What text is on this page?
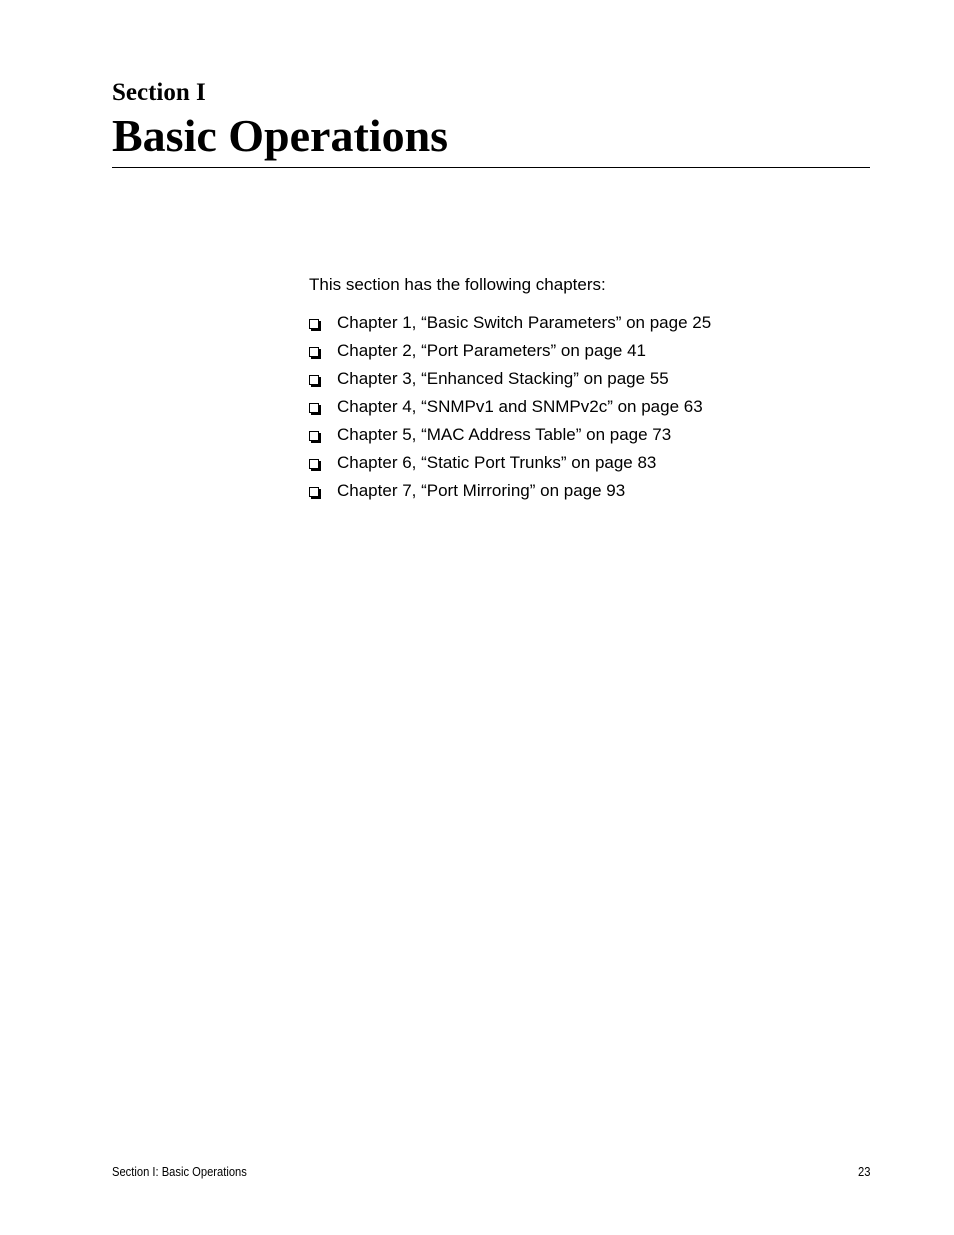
Section I
Basic Operations
This section has the following chapters:
Chapter 1, “Basic Switch Parameters” on page 25
Chapter 2, “Port Parameters” on page 41
Chapter 3, “Enhanced Stacking” on page 55
Chapter 4, “SNMPv1 and SNMPv2c” on page 63
Chapter 5, “MAC Address Table” on page 73
Chapter 6, “Static Port Trunks” on page 83
Chapter 7, “Port Mirroring” on page 93
Section I: Basic Operations	23
